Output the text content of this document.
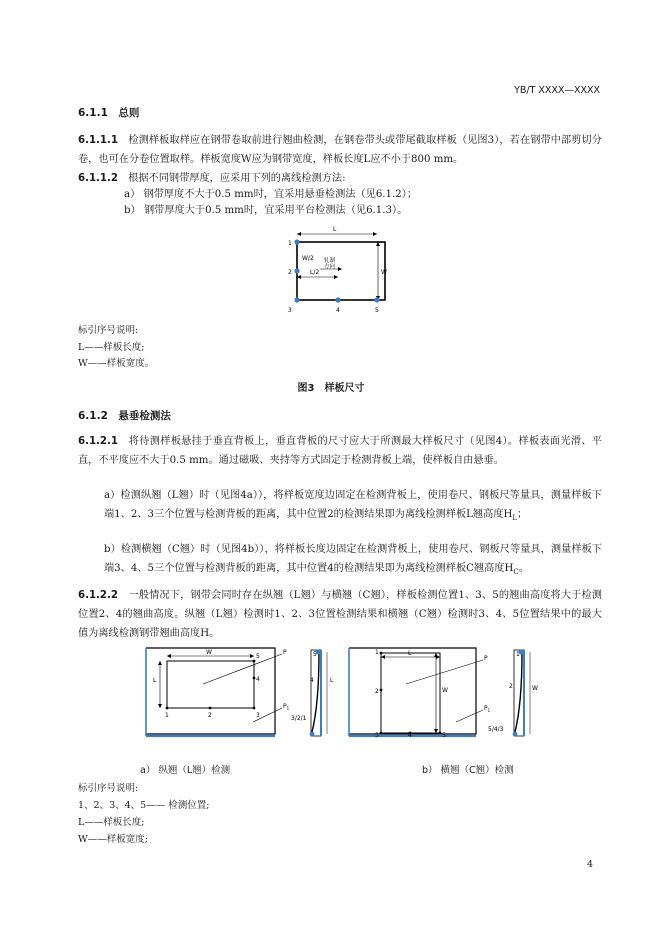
YB/T XXXX—XXXX
6.1.1　 总则
6.1.1.1　 检测样板取样应在钢带卷取前进行翘曲检测，在钢卷带头或带尾截取样板（见图3），若在钢带中部剪切分卷，也可在分卷位置取样。样板宽度W应为钢带宽度，样板长度L应不小于800 mm。
6.1.1.2　 根据不同钢带厚度，应采用下列的离线检测方法:
a） 钢带厚度不大于0.5 mm时，宜采用悬垂检测法（见6.1.2）；
b） 钢带厚度大于0.5 mm时，宜采用平台检测法（见6.1.3）。
L
L/2
W/2
W
轧制
方向
1
2
3	4	5
标引序号说明:
L——样板长度;
W——样板宽度。
图3　样板尺寸
6.1.2　 悬垂检测法
6.1.2.1　 将待测样板悬挂于垂直背板上，垂直背板的尺寸应大于所测最大样板尺寸（见图4）。样板表面光滑、平直，不平度应不大于0.5 mm。通过磁吸、夹持等方式固定于检测背板上端，使样板自由悬垂。
a）检测纵翘（L翘）时（见图4a）），将样板宽度边固定在检测背板上，使用卷尺、钢板尺等量具，测量样板下端1、2、3三个位置与检测背板的距离，其中位置2的检测结果即为离线检测样板L翘高度$H_L$；
b）检测横翘（C翘）时（见图4b）），将样板长度边固定在检测背板上，使用卷尺、钢板尺等量具，测量样板下端3、4、5三个位置与检测背板的距离，其中位置4的检测结果即为离线检测样板C翘高度$H_C$。
6.1.2.2　 一般情况下，钢带会同时存在纵翘（L翘）与横翘（C翘），样板检测位置1、3、5的翘曲高度将大于检测位置2、4的翘曲高度。纵翘（L翘）检测时1、2、3位置检测结果和横翘（C翘）检测时3、4、5位置结果中的最大值为离线检测钢带翘曲高度H。
W
L
P
$P_1$
1	2	3
4
5	5
4	L
3/2/1
L
W
P
$P_1$
1
2
3	4	5
1
2	W
5/4/3
a） 纵翘（L翘）检测	b） 横翘（C翘）检测
标引序号说明:
1、2、3、4、5—— 检测位置;
L——样板长度;
W——样板宽度;
4
